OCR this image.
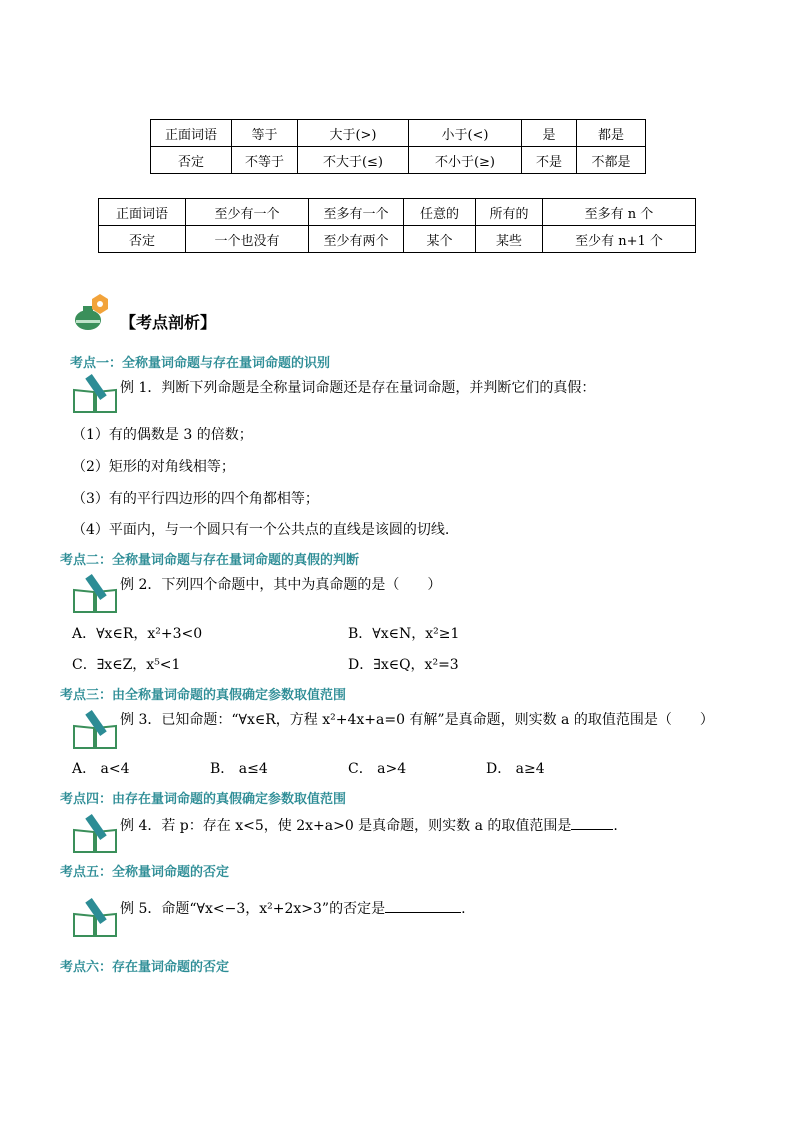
正面词语	等于	大于(>)	小于(<)	是	都是
否定	不等于	不大于(≤)	不小于(≥)	不是	不都是
正面词语	至少有一个	至多有一个	任意的	所有的	至多有 n 个
否定	一个也没有	至少有两个	某个	某些	至少有 n+1 个
【考点剖析】
考点一：全称量词命题与存在量词命题的识别
例 1．判断下列命题是全称量词命题还是存在量词命题，并判断它们的真假：
（1）有的偶数是 3 的倍数；
（2）矩形的对角线相等；
（3）有的平行四边形的四个角都相等；
（4）平面内，与一个圆只有一个公共点的直线是该圆的切线.
考点二：全称量词命题与存在量词命题的真假的判断
例 2．下列四个命题中，其中为真命题的是（　　）
A．∀x∈R，x²+3<0	B．∀x∈N，x²≥1
C．∃x∈Z，x⁵<1	D．∃x∈Q，x²=3
考点三：由全称量词命题的真假确定参数取值范围
例 3．已知命题：“∀x∈R，方程 x²+4x+a=0 有解”是真命题，则实数 a 的取值范围是（　　）
A． a<4	B． a≤4	C． a>4	D． a≥4
考点四：由存在量词命题的真假确定参数取值范围
例 4．若 p：存在 x<5，使 2x+a>0 是真命题，则实数 a 的取值范围是	.
考点五：全称量词命题的否定
例 5．命题“∀x<−3，x²+2x>3”的否定是	.
考点六：存在量词命题的否定
